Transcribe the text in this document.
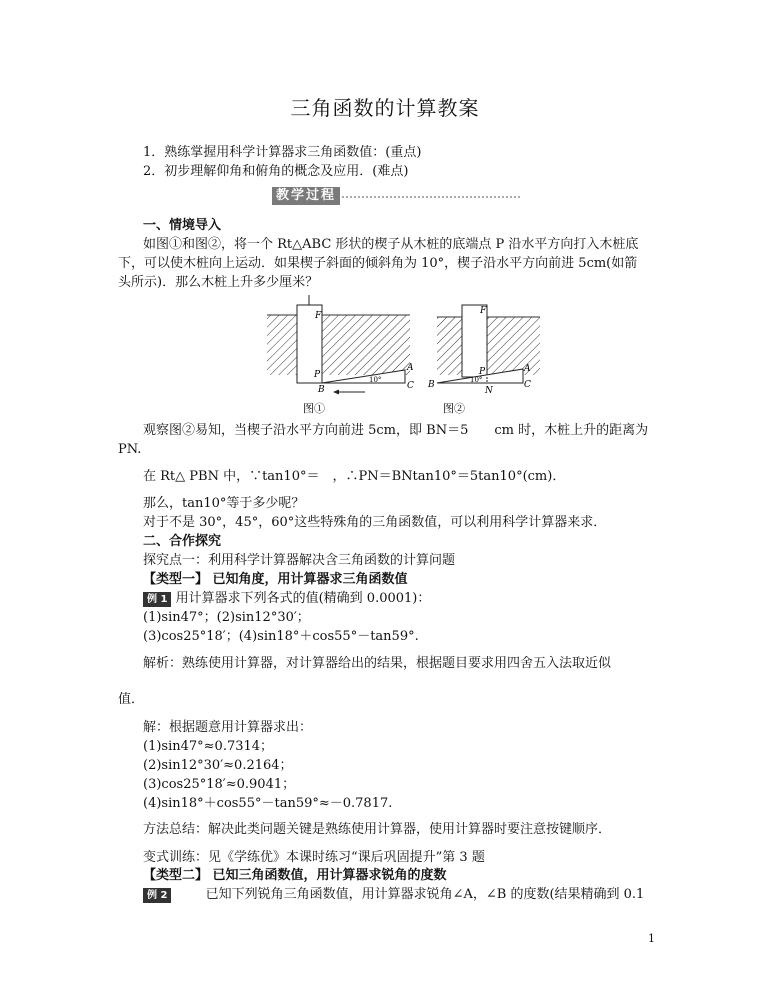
三角函数的计算教案
1．熟练掌握用科学计算器求三角函数值：(重点)
2．初步理解仰角和俯角的概念及应用．(难点)
教学过程
一、情境导入
如图①和图②，将一个 Rt△ABC 形状的楔子从木桩的底端点 P 沿水平方向打入木桩底
下，可以使木桩向上运动．如果楔子斜面的倾斜角为 10°，楔子沿水平方向前进 5cm(如箭
头所示)．那么木桩上升多少厘米？
F
P
B
A
C
10°
图①
F
P
B
N
A
C
10°
图②
观察图②易知，当楔子沿水平方向前进 5cm，即 BN＝5　　cm 时，木桩上升的距离为
PN.
在 Rt△ PBN 中，∵tan10°＝　，∴PN＝BNtan10°＝5tan10°(cm)．
那么，tan10°等于多少呢？
对于不是 30°，45°，60°这些特殊角的三角函数值，可以利用科学计算器来求．
二、合作探究
探究点一：利用科学计算器解决含三角函数的计算问题
【类型一】 已知角度，用计算器求三角函数值
例 1 用计算器求下列各式的值(精确到 0.0001)：
(1)sin47°；(2)sin12°30′；
(3)cos25°18′；(4)sin18°＋cos55°－tan59°.
解析：熟练使用计算器，对计算器给出的结果，根据题目要求用四舍五入法取近似
值．
解：根据题意用计算器求出：
(1)sin47°≈0.7314；
(2)sin12°30′≈0.2164；
(3)cos25°18′≈0.9041；
(4)sin18°＋cos55°－tan59°≈－0.7817.
方法总结：解决此类问题关键是熟练使用计算器，使用计算器时要注意按键顺序．
变式训练：见《学练优》本课时练习“课后巩固提升”第 3 题
【类型二】 已知三角函数值，用计算器求锐角的度数
例 2	已知下列锐角三角函数值，用计算器求锐角∠A，∠B 的度数(结果精确到 0.1
1
